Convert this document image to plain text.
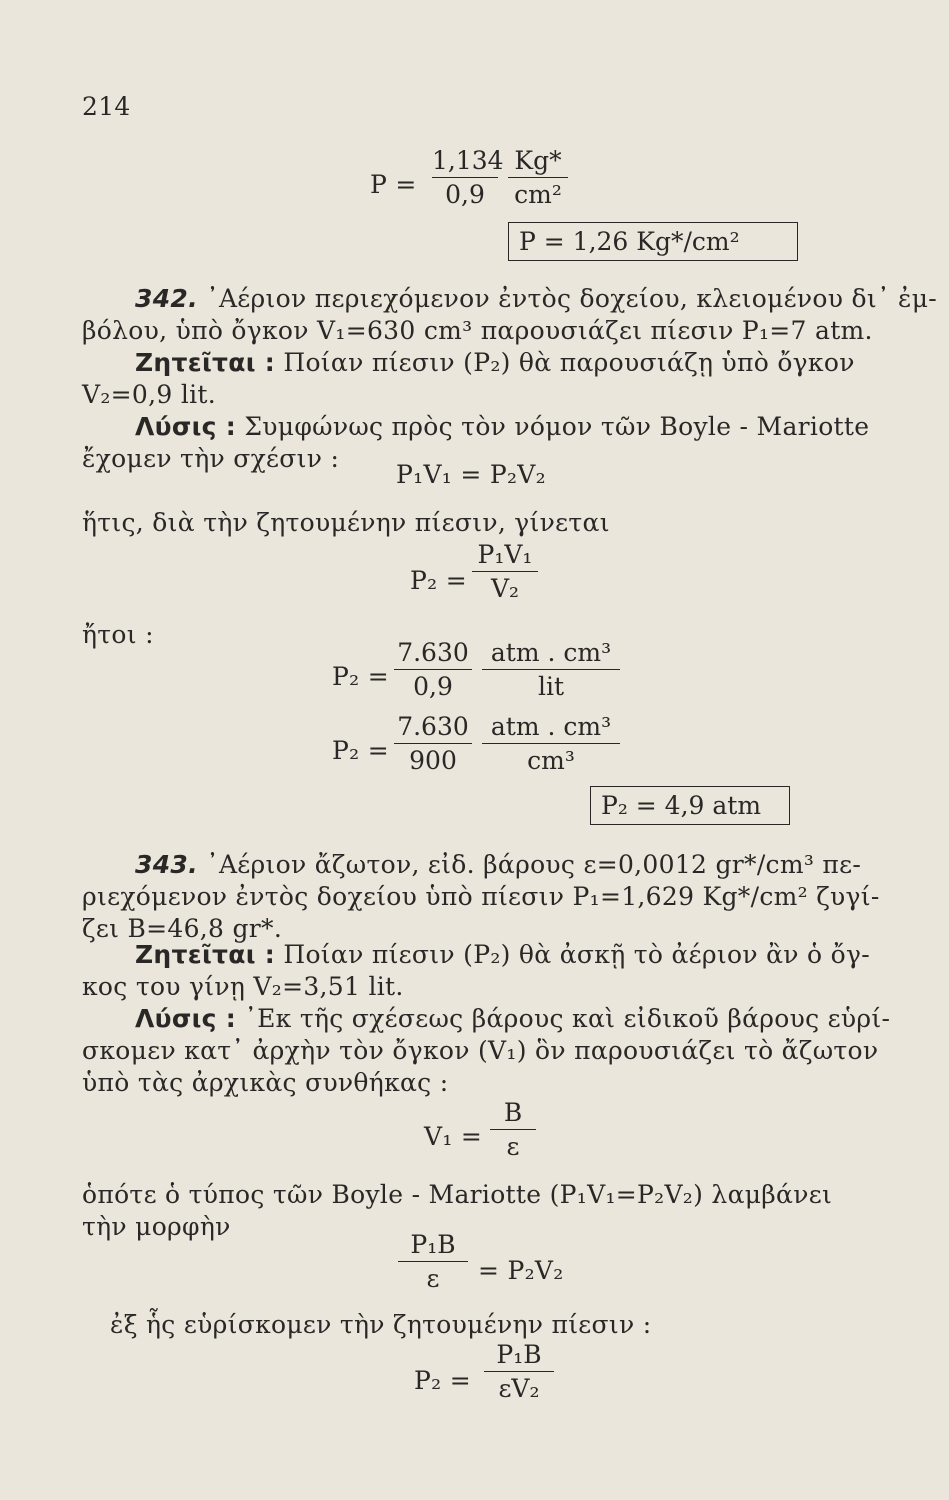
214
$P = \frac{1,134}{0,9} \frac{Kg*}{\text{cm²}}$
P = 1,26 Kg*/cm²
342. ᾿Αέριον περιεχόμενον ἐντὸς δοχείου, κλειομένου δι᾿ ἐμ-
βόλου, ὑπὸ ὄγκον V₁=630 cm³ παρουσιάζει πίεσιν P₁=7 atm.
Ζητεῖται : Ποίαν πίεσιν (P₂) θὰ παρουσιάζῃ ὑπὸ ὄγκον
V₂=0,9 lit.
Λύσις : Συμφώνως πρὸς τὸν νόμον τῶν Boyle - Mariotte
ἔχομεν τὴν σχέσιν :
P₁V₁ = P₂V₂
ἥτις, διὰ τὴν ζητουμένην πίεσιν, γίνεται
$P_2 = \frac{\text{P₁V₁}}{\text{V₂}}$
ἤτοι :
$P_2 = \frac{7.630}{0,9}$ atm . cm³
lit
$P_2 = \frac{7.630}{900}$ atm . cm³
cm³
P₂ = 4,9 atm
343. ᾿Αέριον ἄζωτον, εἰδ. βάρους ε=0,0012 gr*/cm³ πε-
ριεχόμενον ἐντὸς δοχείου ὑπὸ πίεσιν P₁=1,629 Kg*/cm² ζυγί-
ζει B=46,8 gr*.
Ζητεῖται : Ποίαν πίεσιν (P₂) θὰ ἀσκῇ τὸ ἀέριον ἂν ὁ ὄγ-
κος του γίνῃ V₂=3,51 lit.
Λύσις : ᾿Εκ τῆς σχέσεως βάρους καὶ εἰδικοῦ βάρους εὑρί-
σκομεν κατ᾿ ἀρχὴν τὸν ὄγκον (V₁) ὃν παρουσιάζει τὸ ἄζωτον
ὑπὸ τὰς ἀρχικὰς συνθήκας :
$V_1 = \frac{B}{\varepsilon}$
ὁπότε ὁ τύπος τῶν Boyle - Mariotte (P₁V₁=P₂V₂) λαμβάνει
τὴν μορφὴν
$\frac{\text{P₁B}}{\varepsilon} = P_2V_2$
ἐξ ἧς εὑρίσκομεν τὴν ζητουμένην πίεσιν :
$P_2 = \frac{\text{P₁B}}{\text{εV₂}}$
